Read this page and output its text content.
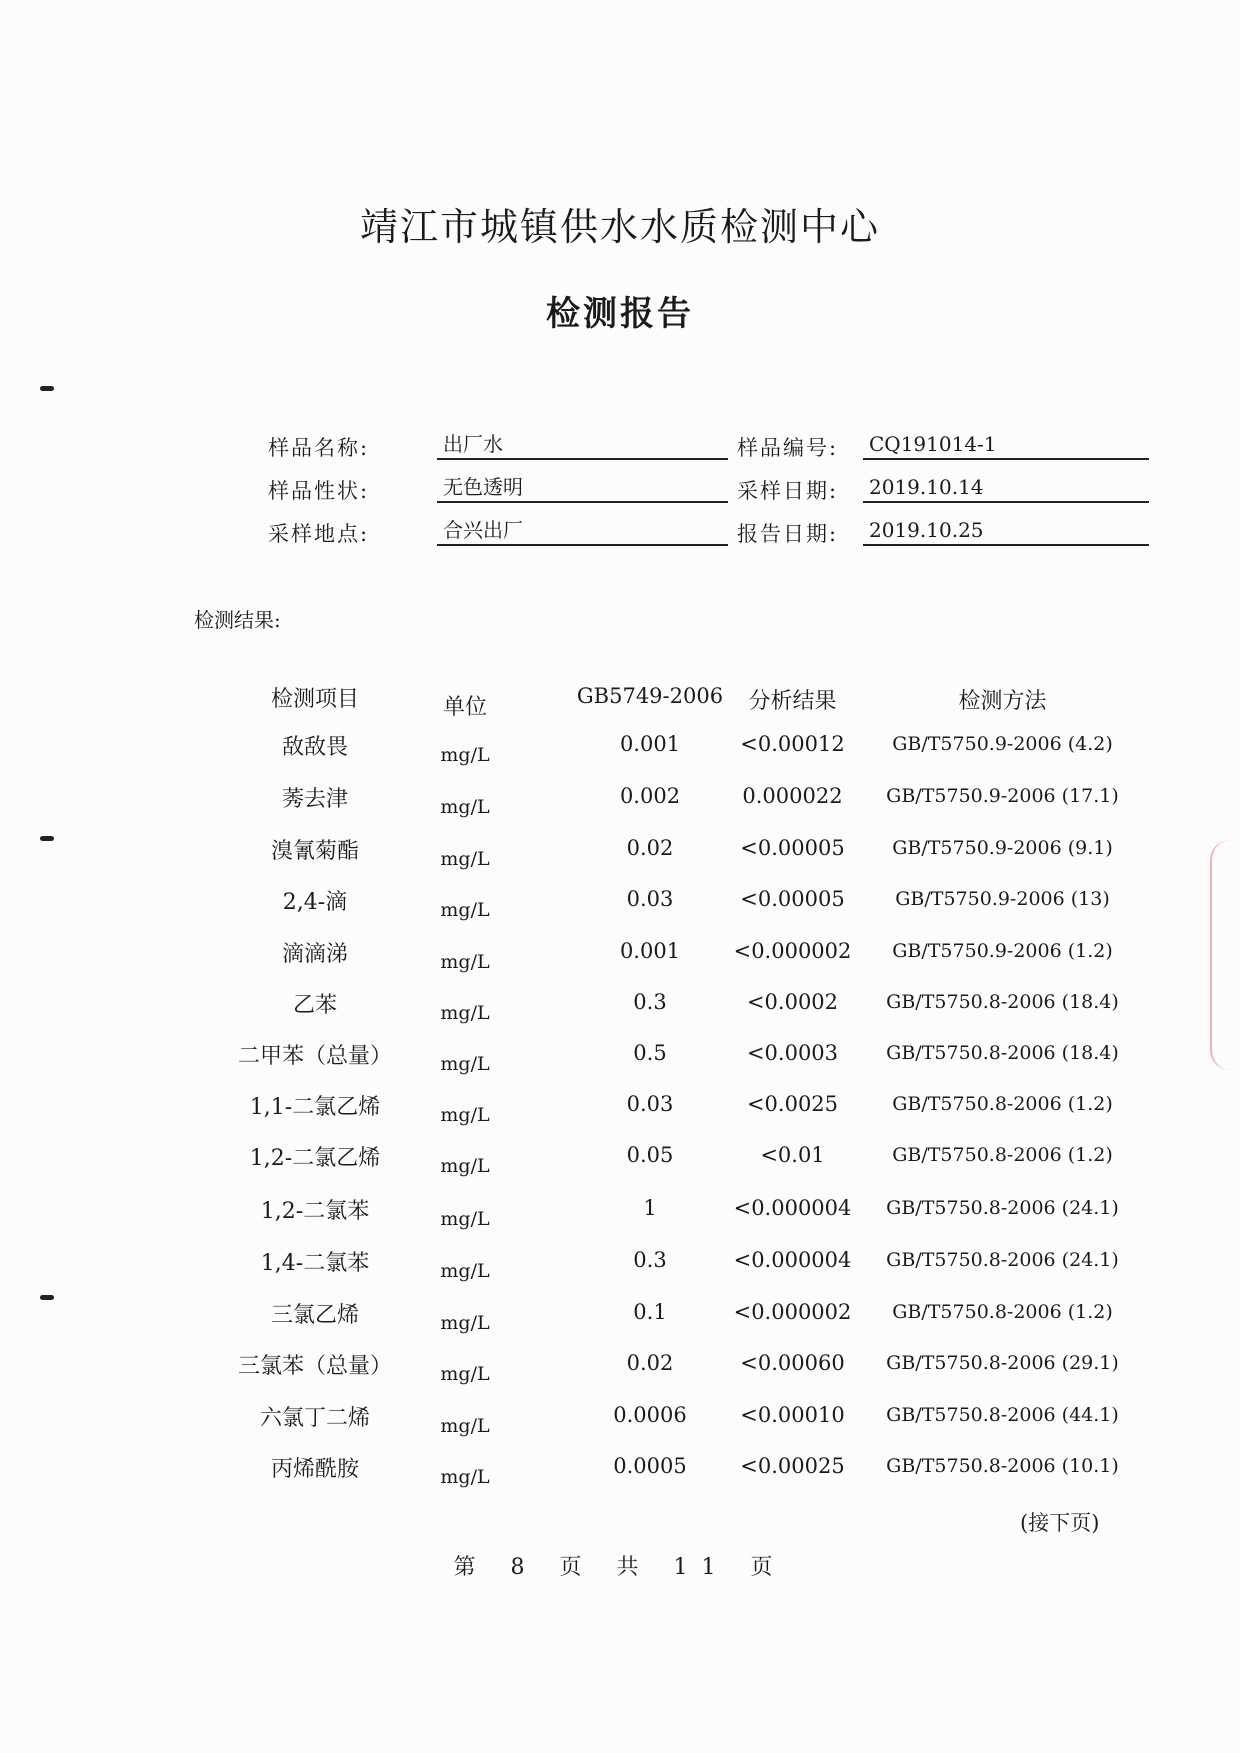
靖江市城镇供水水质检测中心
检测报告
样品名称:	出厂水	样品编号:	CQ191014-1
样品性状:	无色透明	采样日期:	2019.10.14
采样地点:	合兴出厂	报告日期:	2019.10.25
检测结果:
检测项目	单位	GB5749-2006	分析结果	检测方法
敌敌畏	mg/L	0.001	<0.00012	GB/T5750.9-2006 (4.2)
莠去津	mg/L	0.002	0.000022	GB/T5750.9-2006 (17.1)
溴氰菊酯	mg/L	0.02	<0.00005	GB/T5750.9-2006 (9.1)
2,4-滴	mg/L	0.03	<0.00005	GB/T5750.9-2006 (13)
滴滴涕	mg/L	0.001	<0.000002	GB/T5750.9-2006 (1.2)
乙苯	mg/L	0.3	<0.0002	GB/T5750.8-2006 (18.4)
二甲苯（总量）	mg/L	0.5	<0.0003	GB/T5750.8-2006 (18.4)
1,1-二氯乙烯	mg/L	0.03	<0.0025	GB/T5750.8-2006 (1.2)
1,2-二氯乙烯	mg/L	0.05	<0.01	GB/T5750.8-2006 (1.2)
1,2-二氯苯	mg/L	1	<0.000004	GB/T5750.8-2006 (24.1)
1,4-二氯苯	mg/L	0.3	<0.000004	GB/T5750.8-2006 (24.1)
三氯乙烯	mg/L	0.1	<0.000002	GB/T5750.8-2006 (1.2)
三氯苯（总量）	mg/L	0.02	<0.00060	GB/T5750.8-2006 (29.1)
六氯丁二烯	mg/L	0.0006	<0.00010	GB/T5750.8-2006 (44.1)
丙烯酰胺	mg/L	0.0005	<0.00025	GB/T5750.8-2006 (10.1)
(接下页)
第 8 页 共 11 页
